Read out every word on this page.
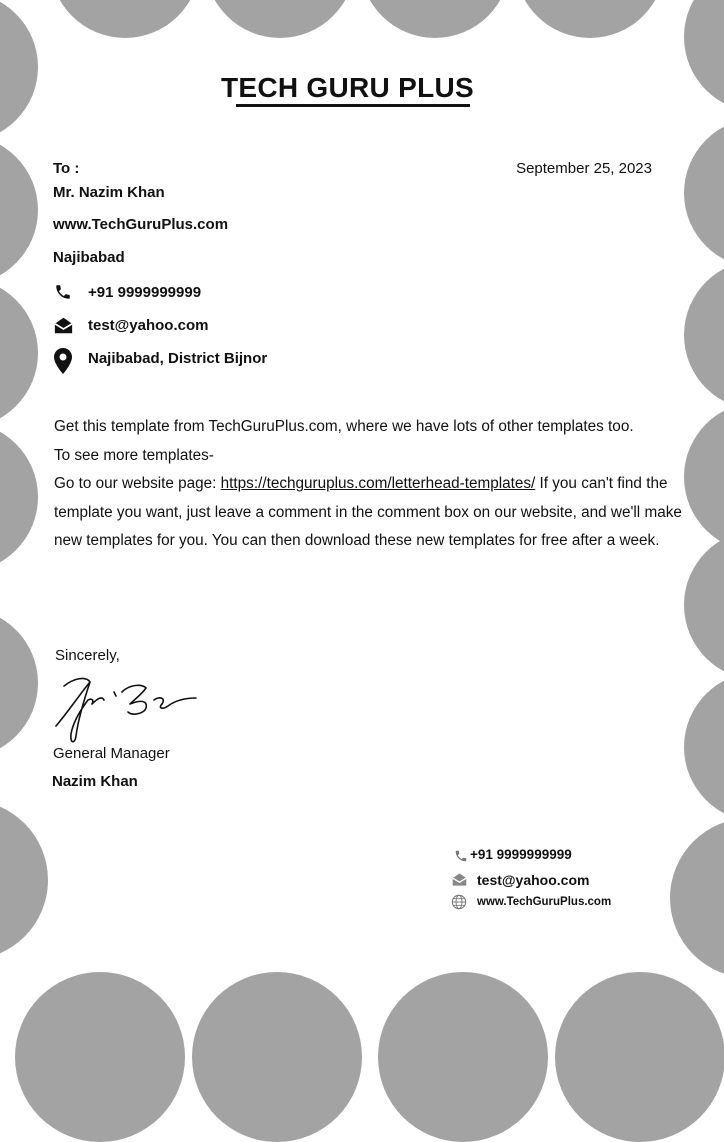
TECH GURU PLUS
September 25, 2023
To :
Mr. Nazim Khan
www.TechGuruPlus.com
Najibabad
+91 9999999999
test@yahoo.com
Najibabad, District Bijnor

Get this template from TechGuruPlus.com, where we have lots of other templates too.

To see more templates-

Go to our website page: https://techguruplus.com/letterhead-templates/ If you can't find the template you want, just leave a comment in the comment box on our website, and we'll make new templates for you. You can then download these new templates for free after a week.

Sincerely,
General Manager
Nazim Khan
+91 9999999999
test@yahoo.com
www.TechGuruPlus.com
